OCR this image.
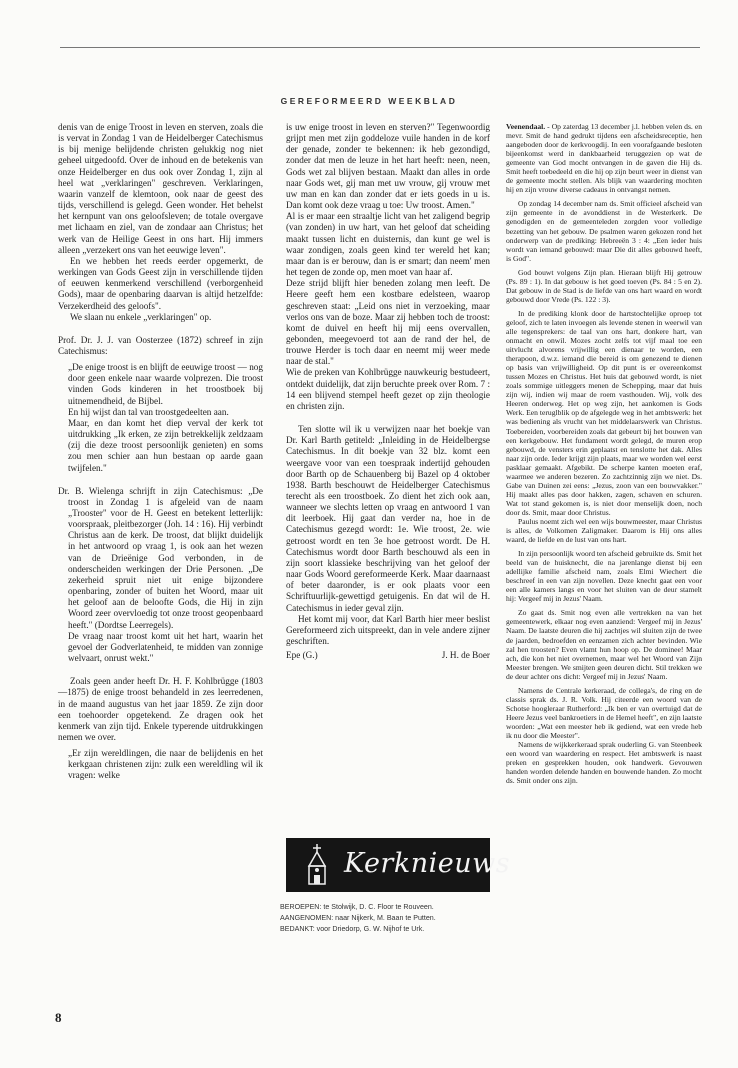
GEREFORMEERD WEEKBLAD

denis van de enige Troost in leven en sterven, zoals die is vervat in Zondag 1 van de Heidelberger Catechismus is bij menige belijdende christen gelukkig nog niet geheel uitgedoofd. Over de inhoud en de betekenis van onze Heidelberger en dus ook over Zondag 1, zijn al heel wat „verklaringen" geschreven. Verklaringen, waarin vanzelf de klemtoon, ook naar de geest des tijds, verschillend is gelegd. Geen wonder. Het behelst het kernpunt van ons geloofsleven; de totale overgave met lichaam en ziel, van de zondaar aan Christus; het werk van de Heilige Geest in ons hart. Hij immers alleen „verzekert ons van het eeuwige leven".

En we hebben het reeds eerder opgemerkt, de werkingen van Gods Geest zijn in verschillende tijden of eeuwen kenmerkend verschillend (verborgenheid Gods), maar de openbaring daarvan is altijd hetzelfde: Verzekerdheid des geloofs".

We slaan nu enkele „verklaringen" op.

Prof. Dr. J. J. van Oosterzee (1872) schreef in zijn Catechismus:

„De enige troost is en blijft de eeuwige troost — nog door geen enkele naar waarde volprezen. Die troost vinden Gods kinderen in het troostboek bij uitnemendheid, de Bijbel.

En hij wijst dan tal van troostgedeelten aan.

Maar, en dan komt het diep verval der kerk tot uitdrukking „Ik erken, ze zijn betrekkelijk zeldzaam (zij die deze troost persoonlijk genieten) en soms zou men schier aan hun bestaan op aarde gaan twijfelen."

Dr. B. Wielenga schrijft in zijn Catechismus: „De troost in Zondag 1 is afgeleid van de naam „Trooster" voor de H. Geest en betekent letterlijk: voorspraak, pleitbezorger (Joh. 14 : 16). Hij verbindt Christus aan de kerk. De troost, dat blijkt duidelijk in het antwoord op vraag 1, is ook aan het wezen van de Drieënige God verbonden, in de onderscheiden werkingen der Drie Personen. „De zekerheid spruit niet uit enige bijzondere openbaring, zonder of buiten het Woord, maar uit het geloof aan de beloofte Gods, die Hij in zijn Woord zeer overvloedig tot onze troost geopenbaard heeft." (Dordtse Leerregels).

De vraag naar troost komt uit het hart, waarin het gevoel der Godverlatenheid, te midden van zonnige welvaart, onrust wekt."

Zoals geen ander heeft Dr. H. F. Kohlbrügge (1803—1875) de enige troost behandeld in zes leerredenen, in de maand augustus van het jaar 1859. Ze zijn door een toehoorder opgetekend. Ze dragen ook het kenmerk van zijn tijd. Enkele typerende uitdrukkingen nemen we over.

„Er zijn wereldlingen, die naar de belijdenis en het kerkgaan christenen zijn: zulk een wereldling wil ik vragen: welke

is uw enige troost in leven en sterven?" Tegenwoordig grijpt men met zijn goddeloze vuile handen in de korf der genade, zonder te bekennen: ik heb gezondigd, zonder dat men de leuze in het hart heeft: neen, neen, Gods wet zal blijven bestaan. Maakt dan alles in orde naar Gods wet, gij man met uw vrouw, gij vrouw met uw man en kan dan zonder dat er iets goeds in u is. Dan komt ook deze vraag u toe: Uw troost. Amen."

Al is er maar een straaltje licht van het zaligend begrip (van zonden) in uw hart, van het geloof dat scheiding maakt tussen licht en duisternis, dan kunt ge wel is waar zondigen, zoals geen kind ter wereld het kan; maar dan is er berouw, dan is er smart; dan neem' men het tegen de zonde op, men moet van haar af.

Deze strijd blijft hier beneden zolang men leeft. De Heere geeft hem een kostbare edelsteen, waarop geschreven staat: „Leid ons niet in verzoeking, maar verlos ons van de boze. Maar zij hebben toch de troost: komt de duivel en heeft hij mij eens overvallen, gebonden, meegevoerd tot aan de rand der hel, de trouwe Herder is toch daar en neemt mij weer mede naar de stal."

Wie de preken van Kohlbrügge nauwkeurig bestudeert, ontdekt duidelijk, dat zijn beruchte preek over Rom. 7 : 14 een blijvend stempel heeft gezet op zijn theologie en christen zijn.

Ten slotte wil ik u verwijzen naar het boekje van Dr. Karl Barth getiteld: „Inleiding in de Heidelbergse Catechismus. In dit boekje van 32 blz. komt een weergave voor van een toespraak indertijd gehouden door Barth op de Schauenberg bij Bazel op 4 oktober 1938. Barth beschouwt de Heidelberger Catechismus terecht als een troostboek. Zo dient het zich ook aan, wanneer we slechts letten op vraag en antwoord 1 van dit leerboek. Hij gaat dan verder na, hoe in de Catechismus gezegd wordt: 1e. Wie troost, 2e. wie getroost wordt en ten 3e hoe getroost wordt. De H. Catechismus wordt door Barth beschouwd als een in zijn soort klassieke beschrijving van het geloof der naar Gods Woord gereformeerde Kerk. Maar daarnaast of beter daaronder, is er ook plaats voor een Schriftuurlijk-gewettigd getuigenis. En dat wil de H. Catechismus in ieder geval zijn.

Het komt mij voor, dat Karl Barth hier meer beslist Gereformeerd zich uitspreekt, dan in vele andere zijner geschriften.

Epe (G.)	J. H. de Boer

Kerknieuws
BEROEPEN: te Stolwijk, D. C. Floor te Rouveen.
AANGENOMEN: naar Nijkerk, M. Baan te Putten.
BEDANKT: voor Driedorp, G. W. Nijhof te Urk.

Veenendaal. - Op zaterdag 13 december j.l. hebben velen ds. en mevr. Smit de hand gedrukt tijdens een afscheidsreceptie, hen aangeboden door de kerkvoogdij. In een voorafgaande besloten bijeenkomst werd in dankbaarheid teruggezien op wat de gemeente van God mocht ontvangen in de gaven die Hij ds. Smit heeft toebedeeld en die hij op zijn beurt weer in dienst van de gemeente mocht stellen. Als blijk van waardering mochten hij en zijn vrouw diverse cadeaus in ontvangst nemen.

Op zondag 14 december nam ds. Smit officieel afscheid van zijn gemeente in de avonddienst in de Westerkerk. De genodigden en de gemeenteleden zorgden voor volledige bezetting van het gebouw. De psalmen waren gekozen rond het onderwerp van de prediking: Hebreeën 3 : 4: „Een ieder huis wordt van iemand gebouwd: maar Die dit alles gebouwd heeft, is God".

God bouwt volgens Zijn plan. Hieraan blijft Hij getrouw (Ps. 89 : 1). In dat gebouw is het goed toeven (Ps. 84 : 5 en 2). Dat gebouw in de Stad is de liefde van ons hart waard en wordt gebouwd door Vrede (Ps. 122 : 3).

In de prediking klonk door de hartstochtelijke oproep tot geloof, zich te laten invoegen als levende stenen in weerwil van alle tegensprekers: de taal van ons hart, donkere hart, van onmacht en onwil. Mozes zocht zelfs tot vijf maal toe een uitvlucht alvorens vrijwillig een dienaar te worden, een therapoon, d.w.z. iemand die bereid is om genezend te dienen op basis van vrijwilligheid. Op dit punt is er overeenkomst tussen Mozes en Christus. Het huis dat gebouwd wordt, is niet zoals sommige uitleggers menen de Schepping, maar dat huis zijn wij, indien wij maar de roem vasthouden. Wij, volk des Heeren onderweg. Het op weg zijn, het aankomen is Gods Werk. Een teruglblik op de afgelegde weg in het ambtswerk: het was bediening als vrucht van het middelaarswerk van Christus. Toebereiden, voorbereiden zoals dat gebeurt bij het bouwen van een kerkgebouw. Het fundament wordt gelegd, de muren erop gebouwd, de vensters erin geplaatst en tenslotte het dak. Alles naar zijn orde. Ieder krijgt zijn plaats, maar we worden wel eerst pasklaar gemaakt. Afgebikt. De scherpe kanten moeten eraf, waarmee we anderen bezeren. Zo zachtzinnig zijn we niet. Ds. Gabe van Duinen zei eens: „Jezus, zoon van een bouwvakker." Hij maakt alles pas door hakken, zagen, schaven en schuren. Wat tot stand gekomen is, is niet door menselijk doen, noch door ds. Smit, maar door Christus.

Paulus noemt zich wel een wijs bouwmeester, maar Christus is alles, de Volkomen Zaligmaker. Daarom is Hij ons alles waard, de liefde en de lust van ons hart.

In zijn persoonlijk woord ten afscheid gebruikte ds. Smit het beeld van de huisknecht, die na jarenlange dienst bij een adellijke familie afscheid nam, zoals Elmi Wiechert die beschreef in een van zijn novellen. Deze knecht gaat een voor een alle kamers langs en voor het sluiten van de deur stamelt hij: Vergeef mij in Jezus' Naam.

Zo gaat ds. Smit nog even alle vertrekken na van het gemeentewerk, elkaar nog even aanziend: Vergeef mij in Jezus' Naam. De laatste deuren die hij zachtjes wil sluiten zijn de twee de jaarden, bedroefden en eenzamen zich achter bevinden. Wie zal hen troosten? Even vlamt hun hoop op. De dominee! Maar ach, die kon het niet overnemen, maar wel het Woord van Zijn Meester brengen. We smijten geen deuren dicht. Stil trekken we de deur achter ons dicht: Vergeef mij in Jezus' Naam.

Namens de Centrale kerkeraad, de collega's, de ring en de classis sprak ds. J. R. Volk. Hij citeerde een woord van de Schotse hoogleraar Rutherford: „Ik ben er van overtuigd dat de Heere Jezus veel bankroetiers in de Hemel heeft", en zijn laatste woorden: „Wat een meester heb ik gediend, wat een vrede heb ik nu door die Meester".

Namens de wijkkerkeraad sprak ouderling G. van Steenbeek een woord van waardering en respect. Het ambtswerk is naast preken en gesprekken houden, ook handwerk. Gevouwen handen worden delende handen en bouwende handen. Zo mocht ds. Smit onder ons zijn.

8
